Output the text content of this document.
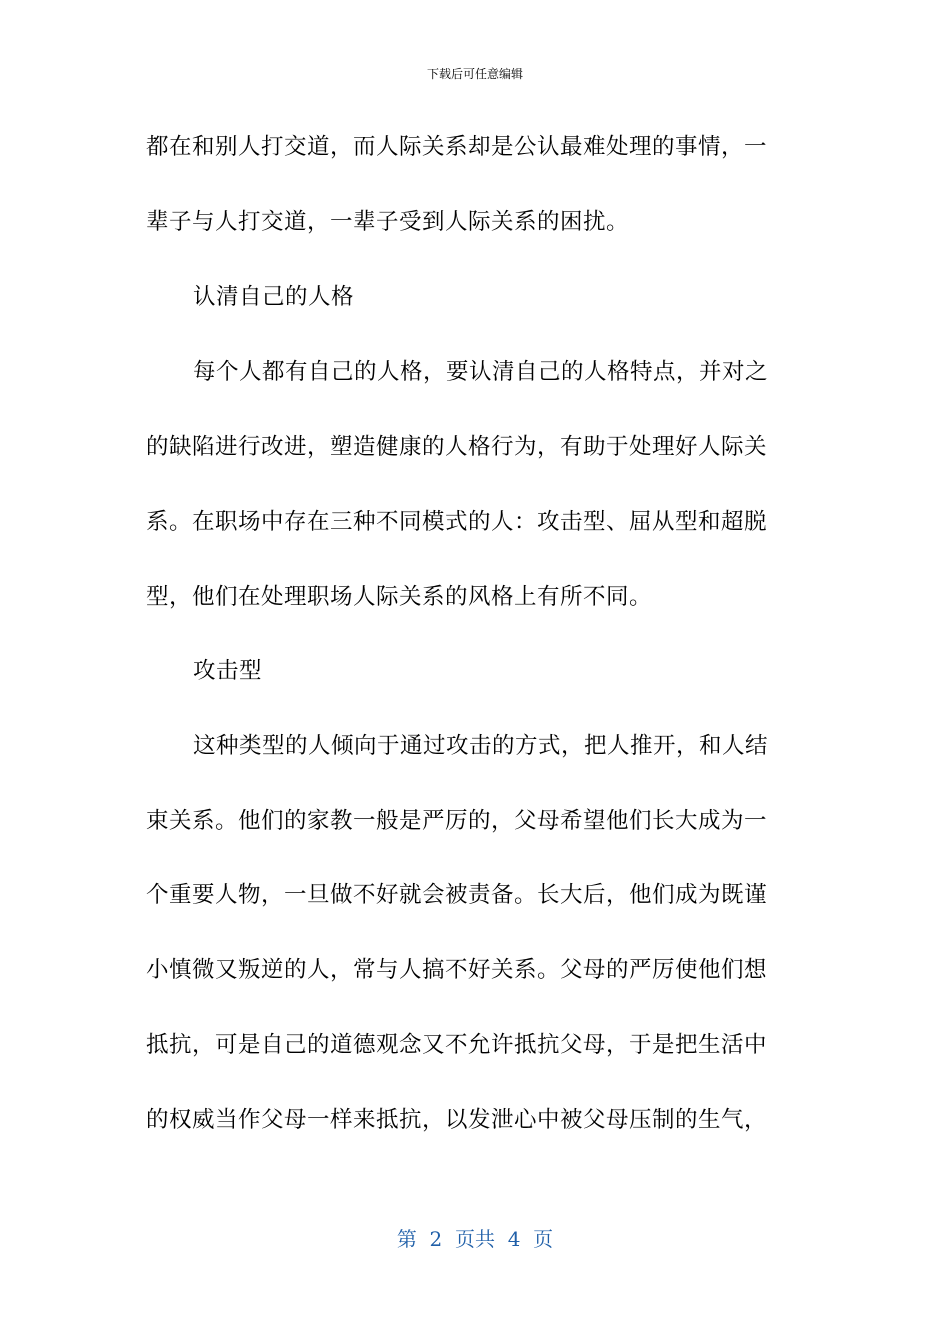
下载后可任意编辑
都在和别人打交道，而人际关系却是公认最难处理的事情，一
辈子与人打交道，一辈子受到人际关系的困扰。
认清自己的人格
每个人都有自己的人格，要认清自己的人格特点，并对之
的缺陷进行改进，塑造健康的人格行为，有助于处理好人际关
系。在职场中存在三种不同模式的人：攻击型、屈从型和超脱
型，他们在处理职场人际关系的风格上有所不同。
攻击型
这种类型的人倾向于通过攻击的方式，把人推开，和人结
束关系。他们的家教一般是严厉的，父母希望他们长大成为一
个重要人物，一旦做不好就会被责备。长大后，他们成为既谨
小慎微又叛逆的人，常与人搞不好关系。父母的严厉使他们想
抵抗，可是自己的道德观念又不允许抵抗父母，于是把生活中
的权威当作父母一样来抵抗，以发泄心中被父母压制的生气，
第  2  页共  4  页
